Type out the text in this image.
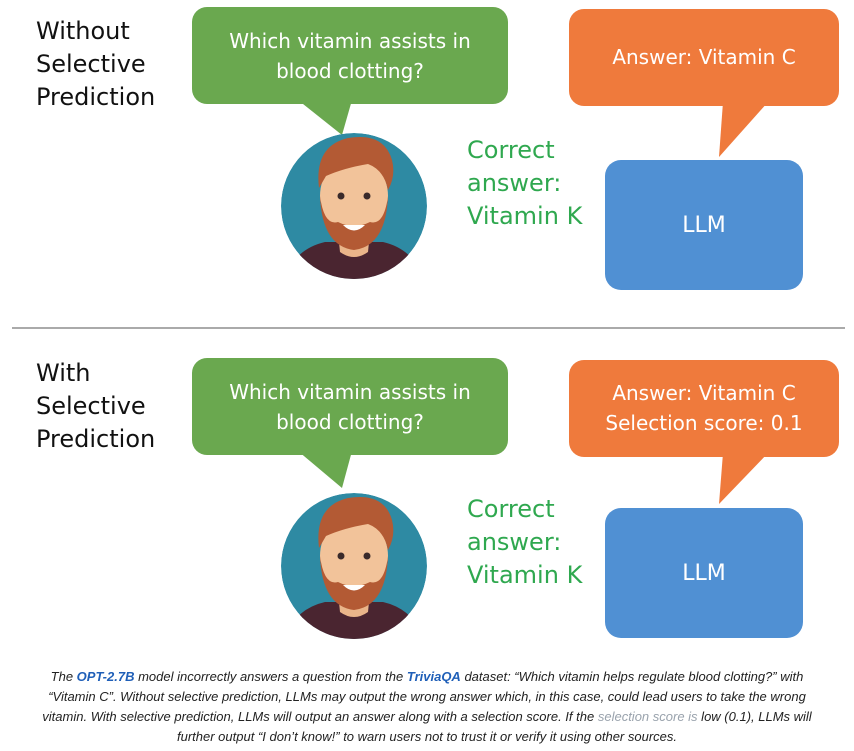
Without
Selective
Prediction
Which vitamin assists in
blood clotting?
Answer: Vitamin C
Correct
answer:
Vitamin K	LLM
With
Selective
Prediction
Which vitamin assists in
blood clotting?
Answer: Vitamin C
Selection score: 0.1
Correct
answer:
Vitamin K	LLM
The OPT-2.7B model incorrectly answers a question from the TriviaQA dataset: “Which vitamin helps regulate blood clotting?” with “Vitamin C”. Without selective prediction, LLMs may output the wrong answer which, in this case, could lead users to take the wrong vitamin. With selective prediction, LLMs will output an answer along with a selection score. If the selection score is low (0.1), LLMs will further output “I don’t know!” to warn users not to trust it or verify it using other sources.
